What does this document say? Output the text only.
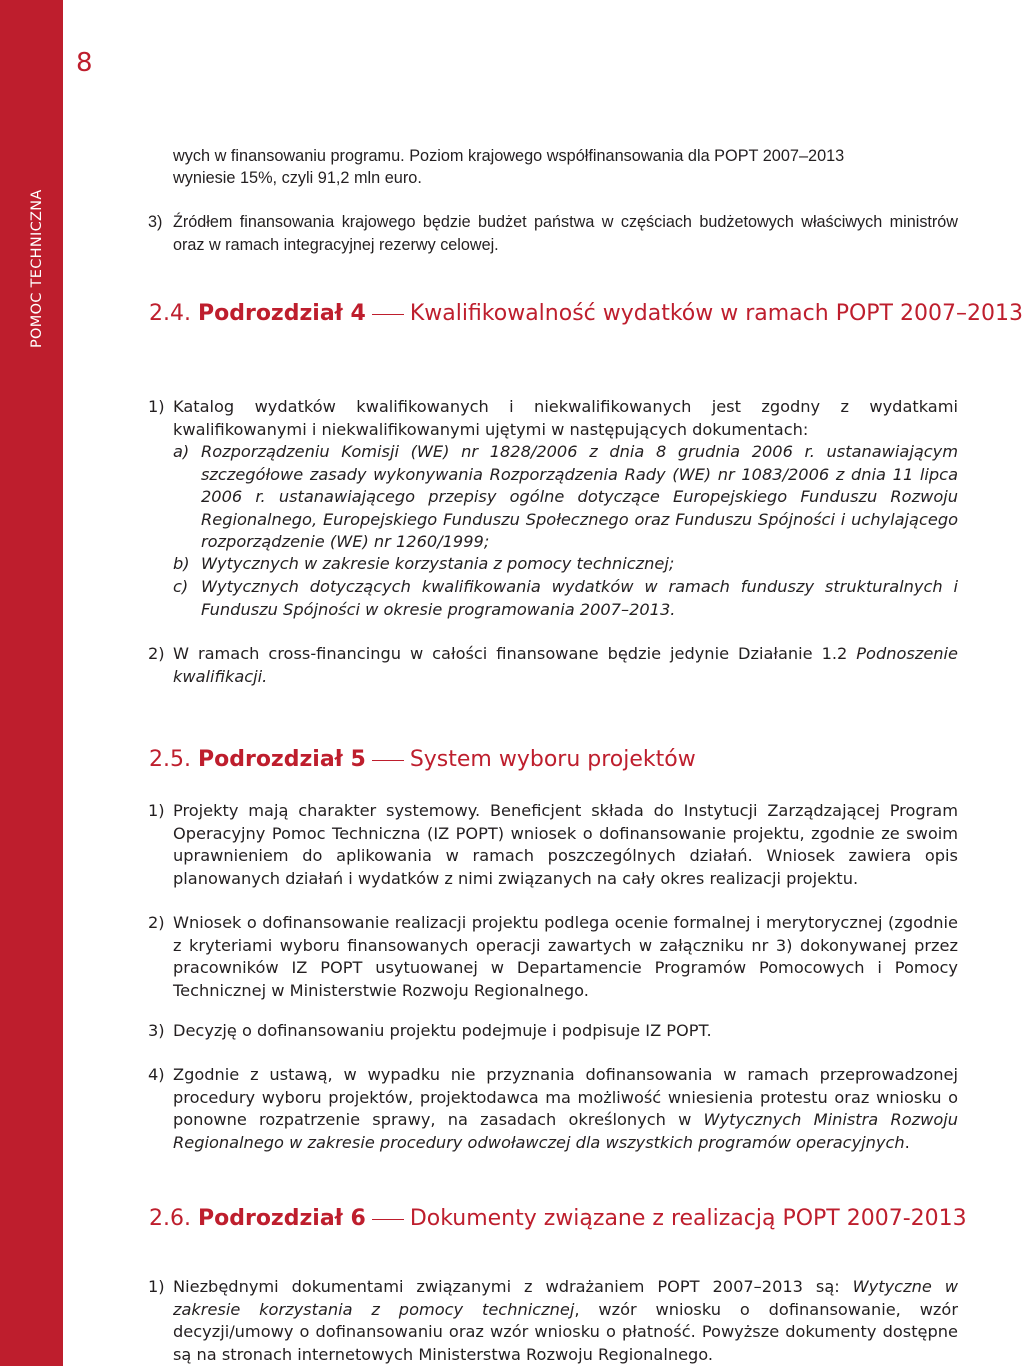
POMOC TECHNICZNA
8
wych w finansowaniu programu. Poziom krajowego współfinansowania dla POPT 2007–2013
wyniesie 15%, czyli 91,2 mln euro.
3) Źródłem finansowania krajowego będzie budżet państwa w częściach budżetowych właściwych ministrów oraz w ramach integracyjnej rezerwy celowej.
2.4. Podrozdział 4 Kwalifikowalność wydatków w ramach POPT 2007–2013
1) Katalog wydatków kwalifikowanych i niekwalifikowanych jest zgodny z wydatkami kwalifikowanymi i niekwalifikowanymi ujętymi w następujących dokumentach:
a) Rozporządzeniu Komisji (WE) nr 1828/2006 z dnia 8 grudnia 2006 r. ustanawiającym szczegółowe zasady wykonywania Rozporządzenia Rady (WE) nr 1083/2006 z dnia 11 lipca 2006 r. ustanawiającego przepisy ogólne dotyczące Europejskiego Funduszu Rozwoju Regionalnego, Europejskiego Funduszu Społecznego oraz Funduszu Spójności i uchylającego rozporządzenie (WE) nr 1260/1999;
b) Wytycznych w zakresie korzystania z pomocy technicznej;
c) Wytycznych dotyczących kwalifikowania wydatków w ramach funduszy strukturalnych i Funduszu Spójności w okresie programowania 2007–2013.
2) W ramach cross-financingu w całości finansowane będzie jedynie Działanie 1.2 Podnoszenie kwalifikacji.
2.5. Podrozdział 5 System wyboru projektów
1) Projekty mają charakter systemowy. Beneficjent składa do Instytucji Zarządzającej Program Operacyjny Pomoc Techniczna (IZ POPT) wniosek o dofinansowanie projektu, zgodnie ze swoim uprawnieniem do aplikowania w ramach poszczególnych działań. Wniosek zawiera opis planowanych działań i wydatków z nimi związanych na cały okres realizacji projektu.
2) Wniosek o dofinansowanie realizacji projektu podlega ocenie formalnej i merytorycznej (zgodnie z kryteriami wyboru finansowanych operacji zawartych w załączniku nr 3) dokonywanej przez pracowników IZ POPT usytuowanej w Departamencie Programów Pomocowych i Pomocy Technicznej w Ministerstwie Rozwoju Regionalnego.
3) Decyzję o dofinansowaniu projektu podejmuje i podpisuje IZ POPT.
4) Zgodnie z ustawą, w wypadku nie przyznania dofinansowania w ramach przeprowadzonej procedury wyboru projektów, projektodawca ma możliwość wniesienia protestu oraz wniosku o ponowne rozpatrzenie sprawy, na zasadach określonych w Wytycznych Ministra Rozwoju Regionalnego w zakresie procedury odwoławczej dla wszystkich programów operacyjnych.
2.6. Podrozdział 6 Dokumenty związane z realizacją POPT 2007-2013
1) Niezbędnymi dokumentami związanymi z wdrażaniem POPT 2007–2013 są: Wytyczne w zakresie korzystania z pomocy technicznej, wzór wniosku o dofinansowanie, wzór decyzji/umowy o dofinansowaniu oraz wzór wniosku o płatność. Powyższe dokumenty dostępne są na stronach internetowych Ministerstwa Rozwoju Regionalnego.
